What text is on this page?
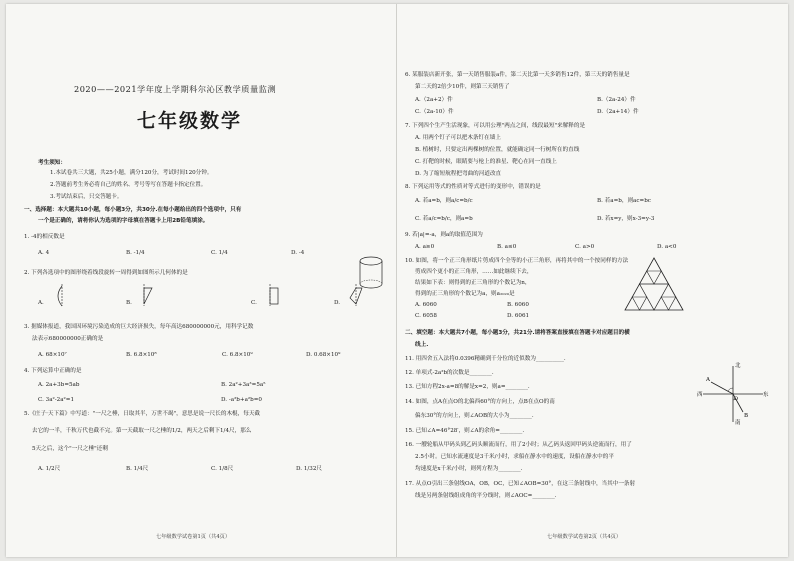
2020——2021学年度上学期科尔沁区教学质量监测
七年级数学
考生须知：
1.本试卷共三大题，共25小题，满分120分，考试时间120分钟。
2.答题前考生务必将自己的姓名、考号等写在答题卡指定位置。
3.考试结束后，只交答题卡。
一、选择题：本大题共10小题，每小题3分，共30分.在每小题给出的四个选项中，只有
一个是正确的，请将你认为选项的字母填在答题卡上用2B铅笔填涂。
1. -4的相反数是
A. 4	B. -1/4	C. 1/4	D. -4
2. 下列各选项中的图形绕着线段旋转一周得到如图所示几何体的是
A.	B.	C.	D.
3. 据媒体报道，我国因环境污染造成的巨大经济损失，每年高达680000000元，用科学记数
法表示680000000正确的是
A. 68×10⁷	B. 6.8×10⁸	C. 6.8×10⁹	D. 0.68×10⁹
4. 下列运算中正确的是
A. 2a+3b=5ab	B. 2a²+3a³=5a⁵
C. 3a²-2a²=1	D. -a²b+a²b=0
5.《庄子·天下篇》中写道："一尺之棰，日取其半，万世不竭"，意思是说一尺长的木棍，每天截
去它的一半，千秋万代也截不完。第一天截取一尺之棰的1/2，两天之后剩下1/4尺，那么
5天之后，这个"一尺之棰"还剩
A. 1/2尺	B. 1/4尺	C. 1/8尺	D. 1/32尺
七年级数学试卷第1页（共4页）
6. 某服装店新开张，第一天销售服装a件，第二天比第一天多销售12件，第三天的销售量是
第二天的2倍少10件，则第三天销售了
A.（2a+2）件	B.（2a-24）件
C.（2a-10）件	D.（2a+14）件
7. 下列四个生产生活现象，可以用公理"两点之间，线段最短"来解释的是
A. 用两个钉子可以把木条钉在墙上
B. 植树时，只要定出两棵树的位置，就能确定同一行树所在的直线
C. 打靶的时候，眼睛要与枪上的准星、靶心在同一直线上
D. 为了缩短航程把弯曲的河道改直
8. 下列运用等式的性质对等式进行的变形中，错误的是
A. 若a=b，则a/c=b/c	B. 若a=b，则ac=bc
C. 若a/c=b/c，则a=b	D. 若x=y，则x-3=y-3
9. 若|a|=-a，则a的取值范围为
A. a≥0	B. a≤0	C. a>0	D. a<0
10. 如图，将一个正三角形纸片剪成四个全等的小正三角形，再将其中的一个按同样的方法
剪成四个更小的正三角形，……如此继续下去，
结果如下表：则得到的正三角形的个数记为n，
得到的正三角形的个数记为a，则a₂₀₂₀是
A. 6060	B. 6060
C. 6058	D. 6061
二、填空题：本大题共7小题，每小题3分，共21分.请将答案直接填在答题卡对应题目的横
线上.
11. 用四舍五入法将0.0396精确到千分位的近似数为__________.
12. 单项式-2a²b的次数是________.
13. 已知方程2x-a=8的解是x=2，则a=________.
14. 如图，点A在点O的北偏西60°的方向上，点B在点O的南
偏东30°的方向上，则∠AOB的大小为________.
北
南
东
西
A
B
O
15. 已知∠A=46°28′，则∠A的余角=________.
16. 一艘轮船从甲码头到乙码头顺流而行，用了2小时；从乙码头返回甲码头逆流而行，用了
2.5小时。已知水流速度是3千米/小时，求船在静水中的速度，设船在静水中的平
均速度是x千米/小时，则列方程为________.
17. 从点O引出三条射线OA，OB，OC，已知∠AOB=30°，在这三条射线中，当其中一条射
线是另两条射线组成角的平分线时，则∠AOC=________.
七年级数学试卷第2页（共4页）
